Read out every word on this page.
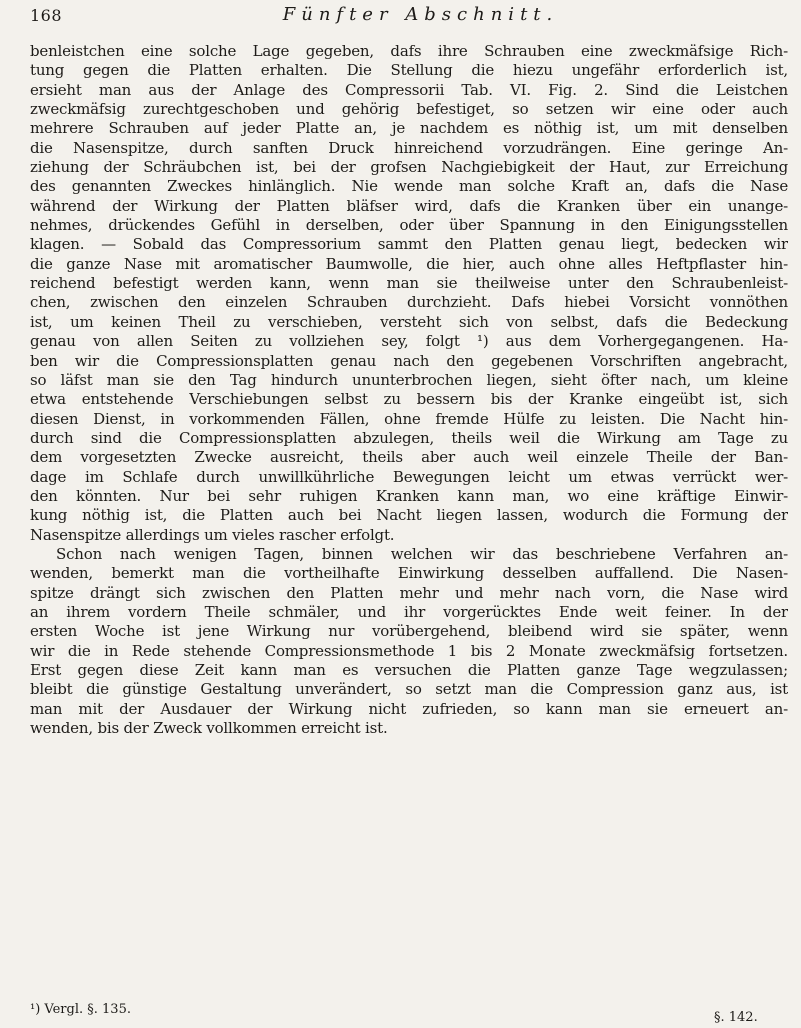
168	Fünfter Abschnitt.
benleistchen eine solche Lage gegeben, dafs ihre Schrauben eine zweckmäfsige Rich-
tung gegen die Platten erhalten. Die Stellung die hiezu ungefähr erforderlich ist,
ersieht man aus der Anlage des Compressorii Tab. VI. Fig. 2. Sind die Leistchen
zweckmäfsig zurechtgeschoben und gehörig befestiget, so setzen wir eine oder auch
mehrere Schrauben auf jeder Platte an, je nachdem es nöthig ist, um mit denselben
die Nasenspitze, durch sanften Druck hinreichend vorzudrängen. Eine geringe An-
ziehung der Schräubchen ist, bei der grofsen Nachgiebigkeit der Haut, zur Erreichung
des genannten Zweckes hinlänglich. Nie wende man solche Kraft an, dafs die Nase
während der Wirkung der Platten bläfser wird, dafs die Kranken über ein unange-
nehmes, drückendes Gefühl in derselben, oder über Spannung in den Einigungsstellen
klagen. — Sobald das Compressorium sammt den Platten genau liegt, bedecken wir
die ganze Nase mit aromatischer Baumwolle, die hier, auch ohne alles Heftpflaster hin-
reichend befestigt werden kann, wenn man sie theilweise unter den Schraubenleist-
chen, zwischen den einzelen Schrauben durchzieht. Dafs hiebei Vorsicht vonnöthen
ist, um keinen Theil zu verschieben, versteht sich von selbst, dafs die Bedeckung
genau von allen Seiten zu vollziehen sey, folgt ¹) aus dem Vorhergegangenen. Ha-
ben wir die Compressionsplatten genau nach den gegebenen Vorschriften angebracht,
so läfst man sie den Tag hindurch ununterbrochen liegen, sieht öfter nach, um kleine
etwa entstehende Verschiebungen selbst zu bessern bis der Kranke eingeübt ist, sich
diesen Dienst, in vorkommenden Fällen, ohne fremde Hülfe zu leisten. Die Nacht hin-
durch sind die Compressionsplatten abzulegen, theils weil die Wirkung am Tage zu
dem vorgesetzten Zwecke ausreicht, theils aber auch weil einzele Theile der Ban-
dage im Schlafe durch unwillkührliche Bewegungen leicht um etwas verrückt wer-
den könnten. Nur bei sehr ruhigen Kranken kann man, wo eine kräftige Einwir-
kung nöthig ist, die Platten auch bei Nacht liegen lassen, wodurch die Formung der
Nasenspitze allerdings um vieles rascher erfolgt.
Schon nach wenigen Tagen, binnen welchen wir das beschriebene Verfahren an-
wenden, bemerkt man die vortheilhafte Einwirkung desselben auffallend. Die Nasen-
spitze drängt sich zwischen den Platten mehr und mehr nach vorn, die Nase wird
an ihrem vordern Theile schmäler, und ihr vorgerücktes Ende weit feiner. In der
ersten Woche ist jene Wirkung nur vorübergehend, bleibend wird sie später, wenn
wir die in Rede stehende Compressionsmethode 1 bis 2 Monate zweckmäfsig fortsetzen.
Erst gegen diese Zeit kann man es versuchen die Platten ganze Tage wegzulassen;
bleibt die günstige Gestaltung unverändert, so setzt man die Compression ganz aus, ist
man mit der Ausdauer der Wirkung nicht zufrieden, so kann man sie erneuert an-
wenden, bis der Zweck vollkommen erreicht ist.
¹) Vergl. §. 135.
§. 142.
